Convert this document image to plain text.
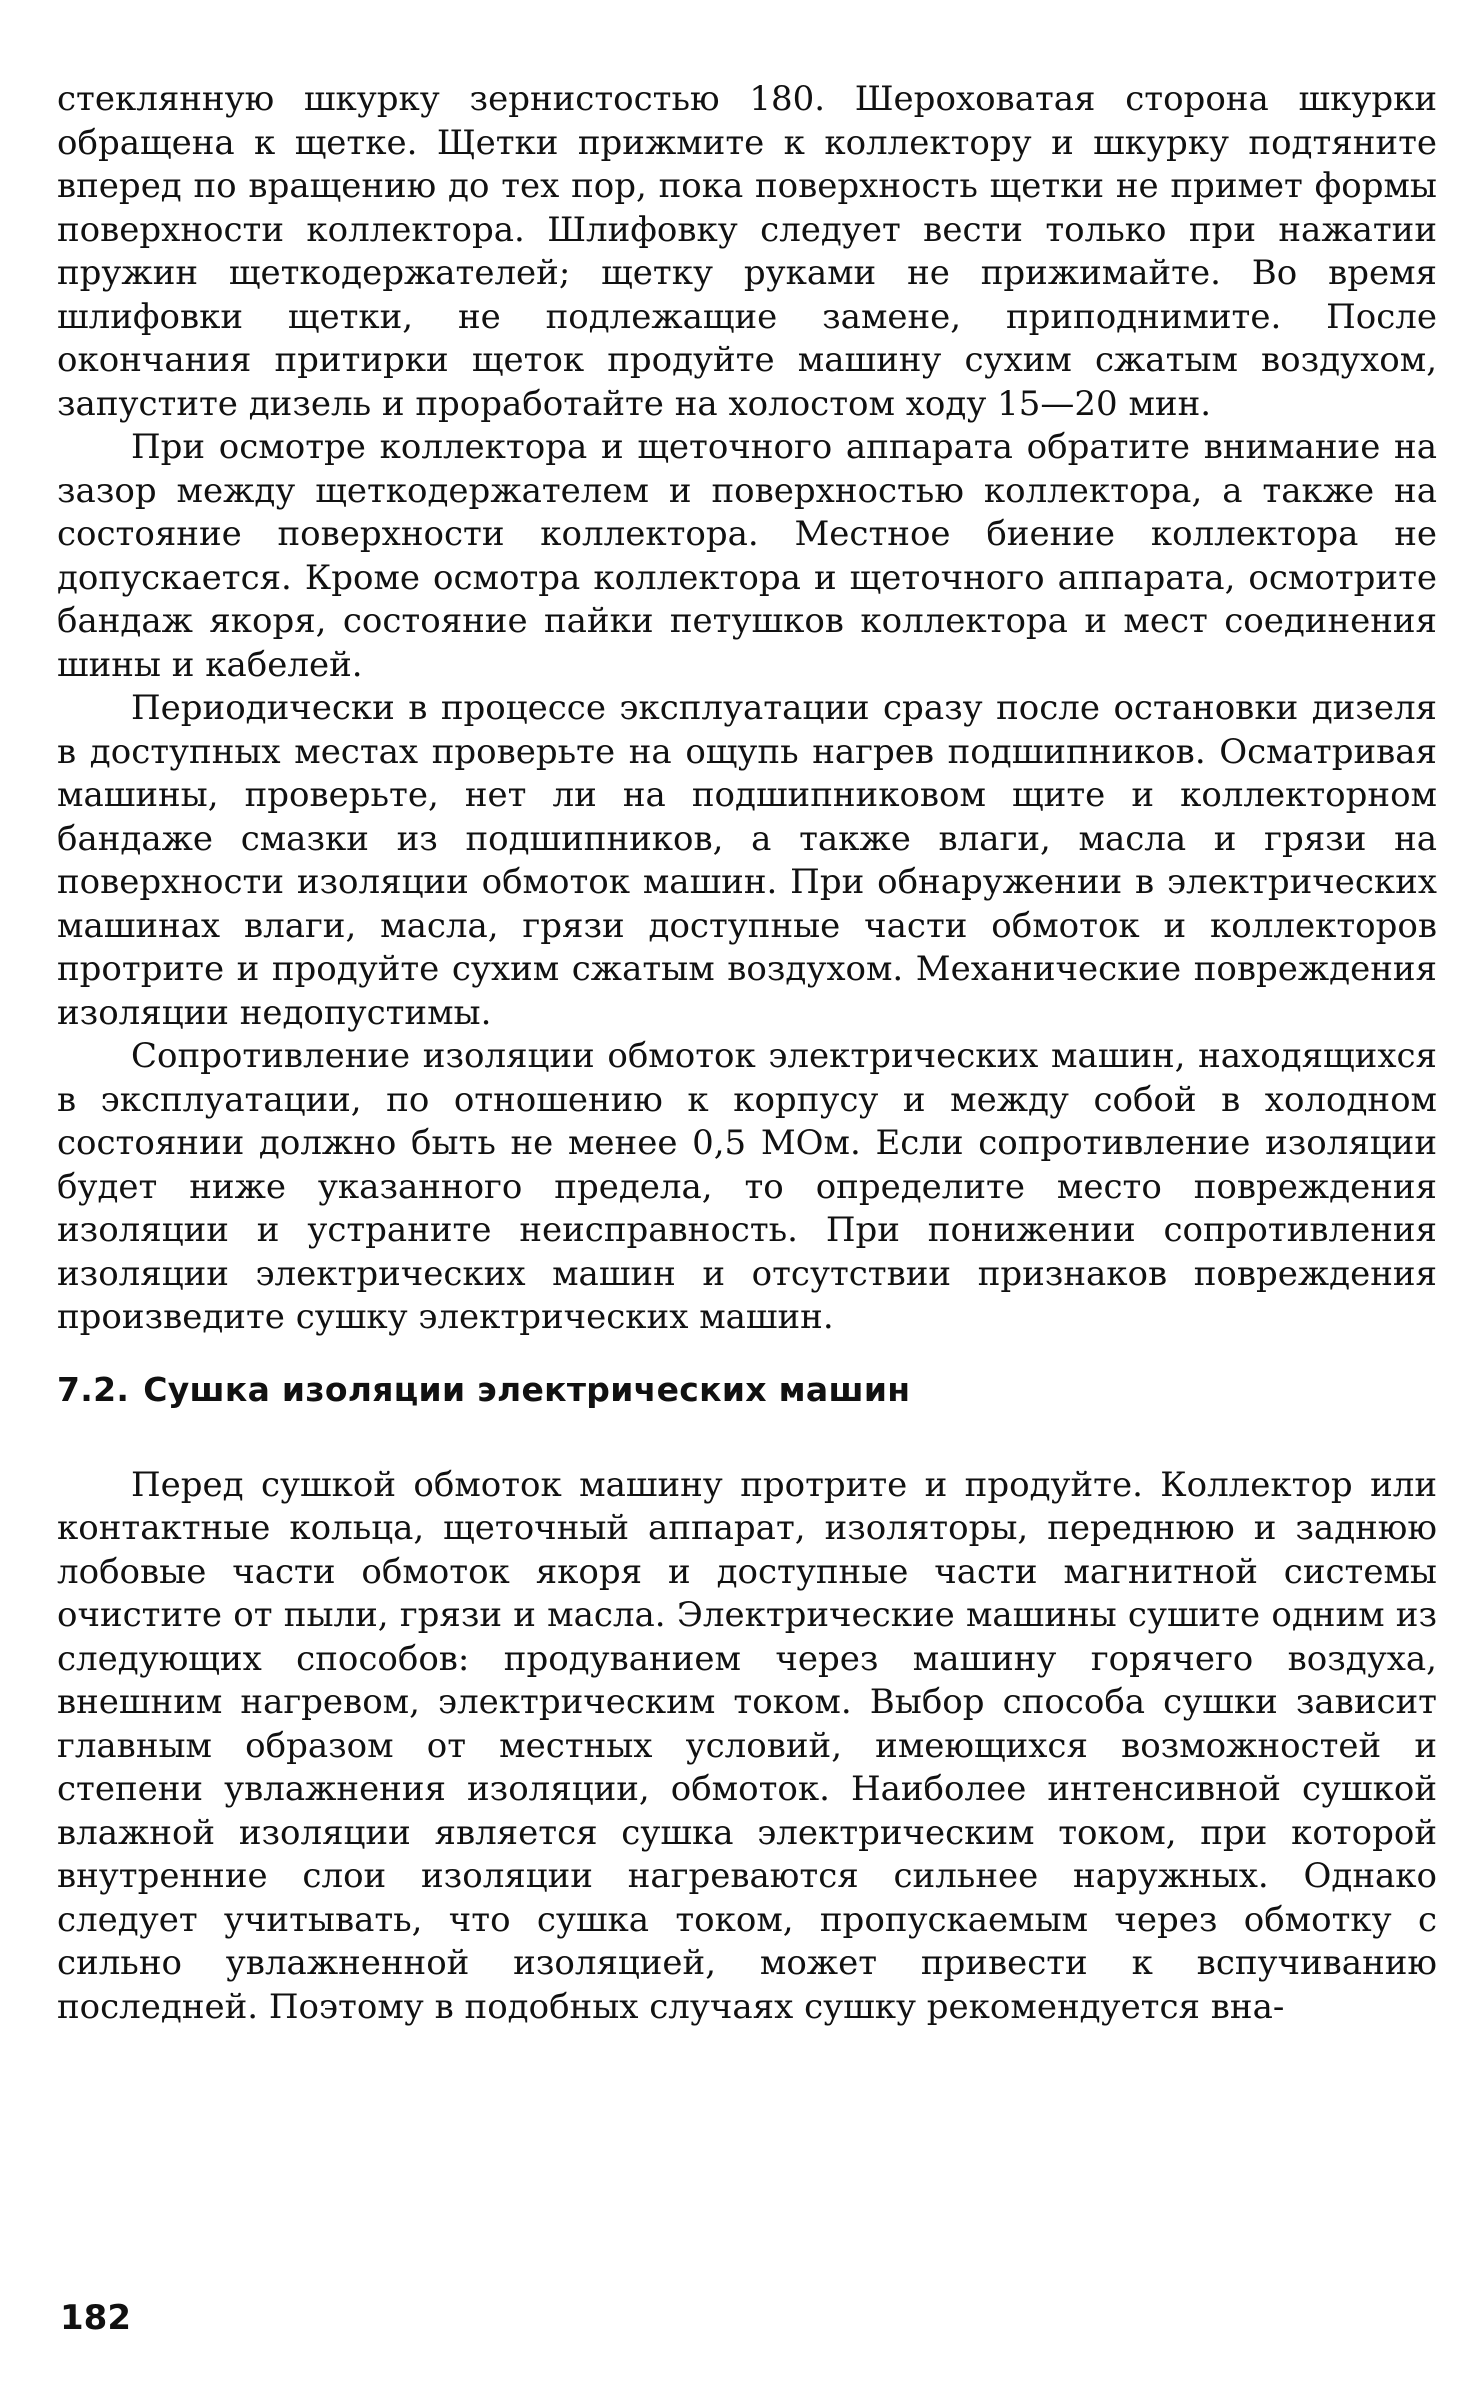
стеклянную шкурку зернистостью 180. Шероховатая сторона шкурки обращена к щетке. Щетки прижмите к коллектору и шкурку подтяните вперед по вращению до тех пор, пока поверхность щетки не примет формы поверхности коллектора. Шлифовку следует вести только при нажатии пружин щеткодержателей; щетку руками не прижимайте. Во время шлифовки щетки, не подлежащие замене, приподнимите. После окончания притирки щеток продуйте машину сухим сжатым воздухом, запустите дизель и проработайте на холостом ходу 15—20 мин.

При осмотре коллектора и щеточного аппарата обратите внимание на зазор между щеткодержателем и поверхностью коллектора, а также на состояние поверхности коллектора. Местное биение коллектора не допускается. Кроме осмотра коллектора и щеточного аппарата, осмотрите бандаж якоря, состояние пайки петушков коллектора и мест соединения шины и кабелей.

Периодически в процессе эксплуатации сразу после остановки дизеля в доступных местах проверьте на ощупь нагрев подшипников. Осматривая машины, проверьте, нет ли на подшипниковом щите и коллекторном бандаже смазки из подшипников, а также влаги, масла и грязи на поверхности изоляции обмоток машин. При обнаружении в электрических машинах влаги, масла, грязи доступные части обмоток и коллекторов протрите и продуйте сухим сжатым воздухом. Механические повреждения изоляции недопустимы.

Сопротивление изоляции обмоток электрических машин, находящихся в эксплуатации, по отношению к корпусу и между собой в холодном состоянии должно быть не менее 0,5 МОм. Если сопротивление изоляции будет ниже указанного предела, то определите место повреждения изоляции и устраните неисправность. При понижении сопротивления изоляции электрических машин и отсутствии признаков повреждения произведите сушку электрических машин.

7.2. Сушка изоляции электрических машин

Перед сушкой обмоток машину протрите и продуйте. Коллектор или контактные кольца, щеточный аппарат, изоляторы, переднюю и заднюю лобовые части обмоток якоря и доступные части магнитной системы очистите от пыли, грязи и масла. Электрические машины сушите одним из следующих способов: продуванием через машину горячего воздуха, внешним нагревом, электрическим током. Выбор способа сушки зависит главным образом от местных условий, имеющихся возможностей и степени увлажнения изоляции, обмоток. Наиболее интенсивной сушкой влажной изоляции является сушка электрическим током, при которой внутренние слои изоляции нагреваются сильнее наружных. Однако следует учитывать, что сушка током, пропускаемым через обмотку с сильно увлажненной изоляцией, может привести к вспучиванию последней. Поэтому в подобных случаях сушку рекомендуется вна-

182
